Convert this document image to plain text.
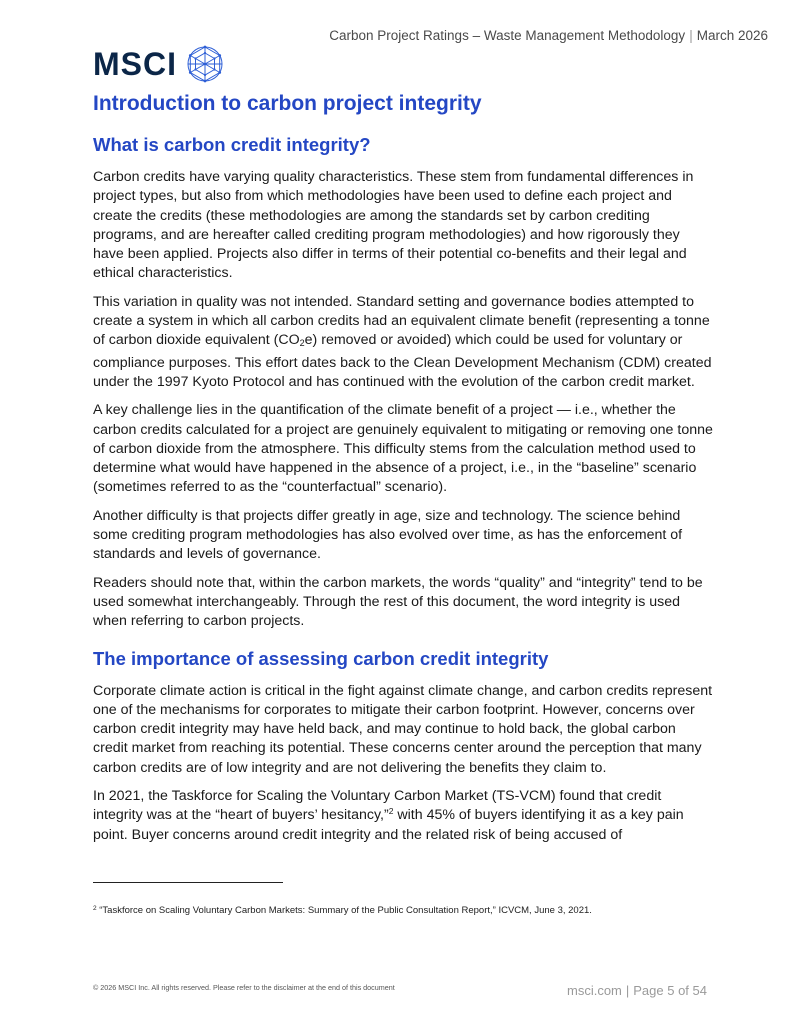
Carbon Project Ratings – Waste Management Methodology | March 2026
MSCI
Introduction to carbon project integrity
What is carbon credit integrity?

Carbon credits have varying quality characteristics. These stem from fundamental differences in project types, but also from which methodologies have been used to define each project and create the credits (these methodologies are among the standards set by carbon crediting programs, and are hereafter called crediting program methodologies) and how rigorously they have been applied. Projects also differ in terms of their potential co-benefits and their legal and ethical characteristics.

This variation in quality was not intended. Standard setting and governance bodies attempted to create a system in which all carbon credits had an equivalent climate benefit (representing a tonne of carbon dioxide equivalent $(CO_2e)$ removed or avoided) which could be used for voluntary or compliance purposes. This effort dates back to the Clean Development Mechanism (CDM) created under the 1997 Kyoto Protocol and has continued with the evolution of the carbon credit market.

A key challenge lies in the quantification of the climate benefit of a project — i.e., whether the carbon credits calculated for a project are genuinely equivalent to mitigating or removing one tonne of carbon dioxide from the atmosphere. This difficulty stems from the calculation method used to determine what would have happened in the absence of a project, i.e., in the “baseline” scenario (sometimes referred to as the “counterfactual” scenario).

Another difficulty is that projects differ greatly in age, size and technology. The science behind some crediting program methodologies has also evolved over time, as has the enforcement of standards and levels of governance.

Readers should note that, within the carbon markets, the words “quality” and “integrity” tend to be used somewhat interchangeably. Through the rest of this document, the word integrity is used when referring to carbon projects.

The importance of assessing carbon credit integrity

Corporate climate action is critical in the fight against climate change, and carbon credits represent one of the mechanisms for corporates to mitigate their carbon footprint. However, concerns over carbon credit integrity may have held back, and may continue to hold back, the global carbon credit market from reaching its potential. These concerns center around the perception that many carbon credits are of low integrity and are not delivering the benefits they claim to.

In 2021, the Taskforce for Scaling the Voluntary Carbon Market (TS-VCM) found that credit integrity was at the “heart of buyers’ hesitancy,”$^2$ with 45% of buyers identifying it as a key pain point. Buyer concerns around credit integrity and the related risk of being accused of

$^2$ “Taskforce on Scaling Voluntary Carbon Markets: Summary of the Public Consultation Report,” ICVCM, June 3, 2021.
© 2026 MSCI Inc. All rights reserved. Please refer to the disclaimer at the end of this document	msci.com | Page 5 of 54
